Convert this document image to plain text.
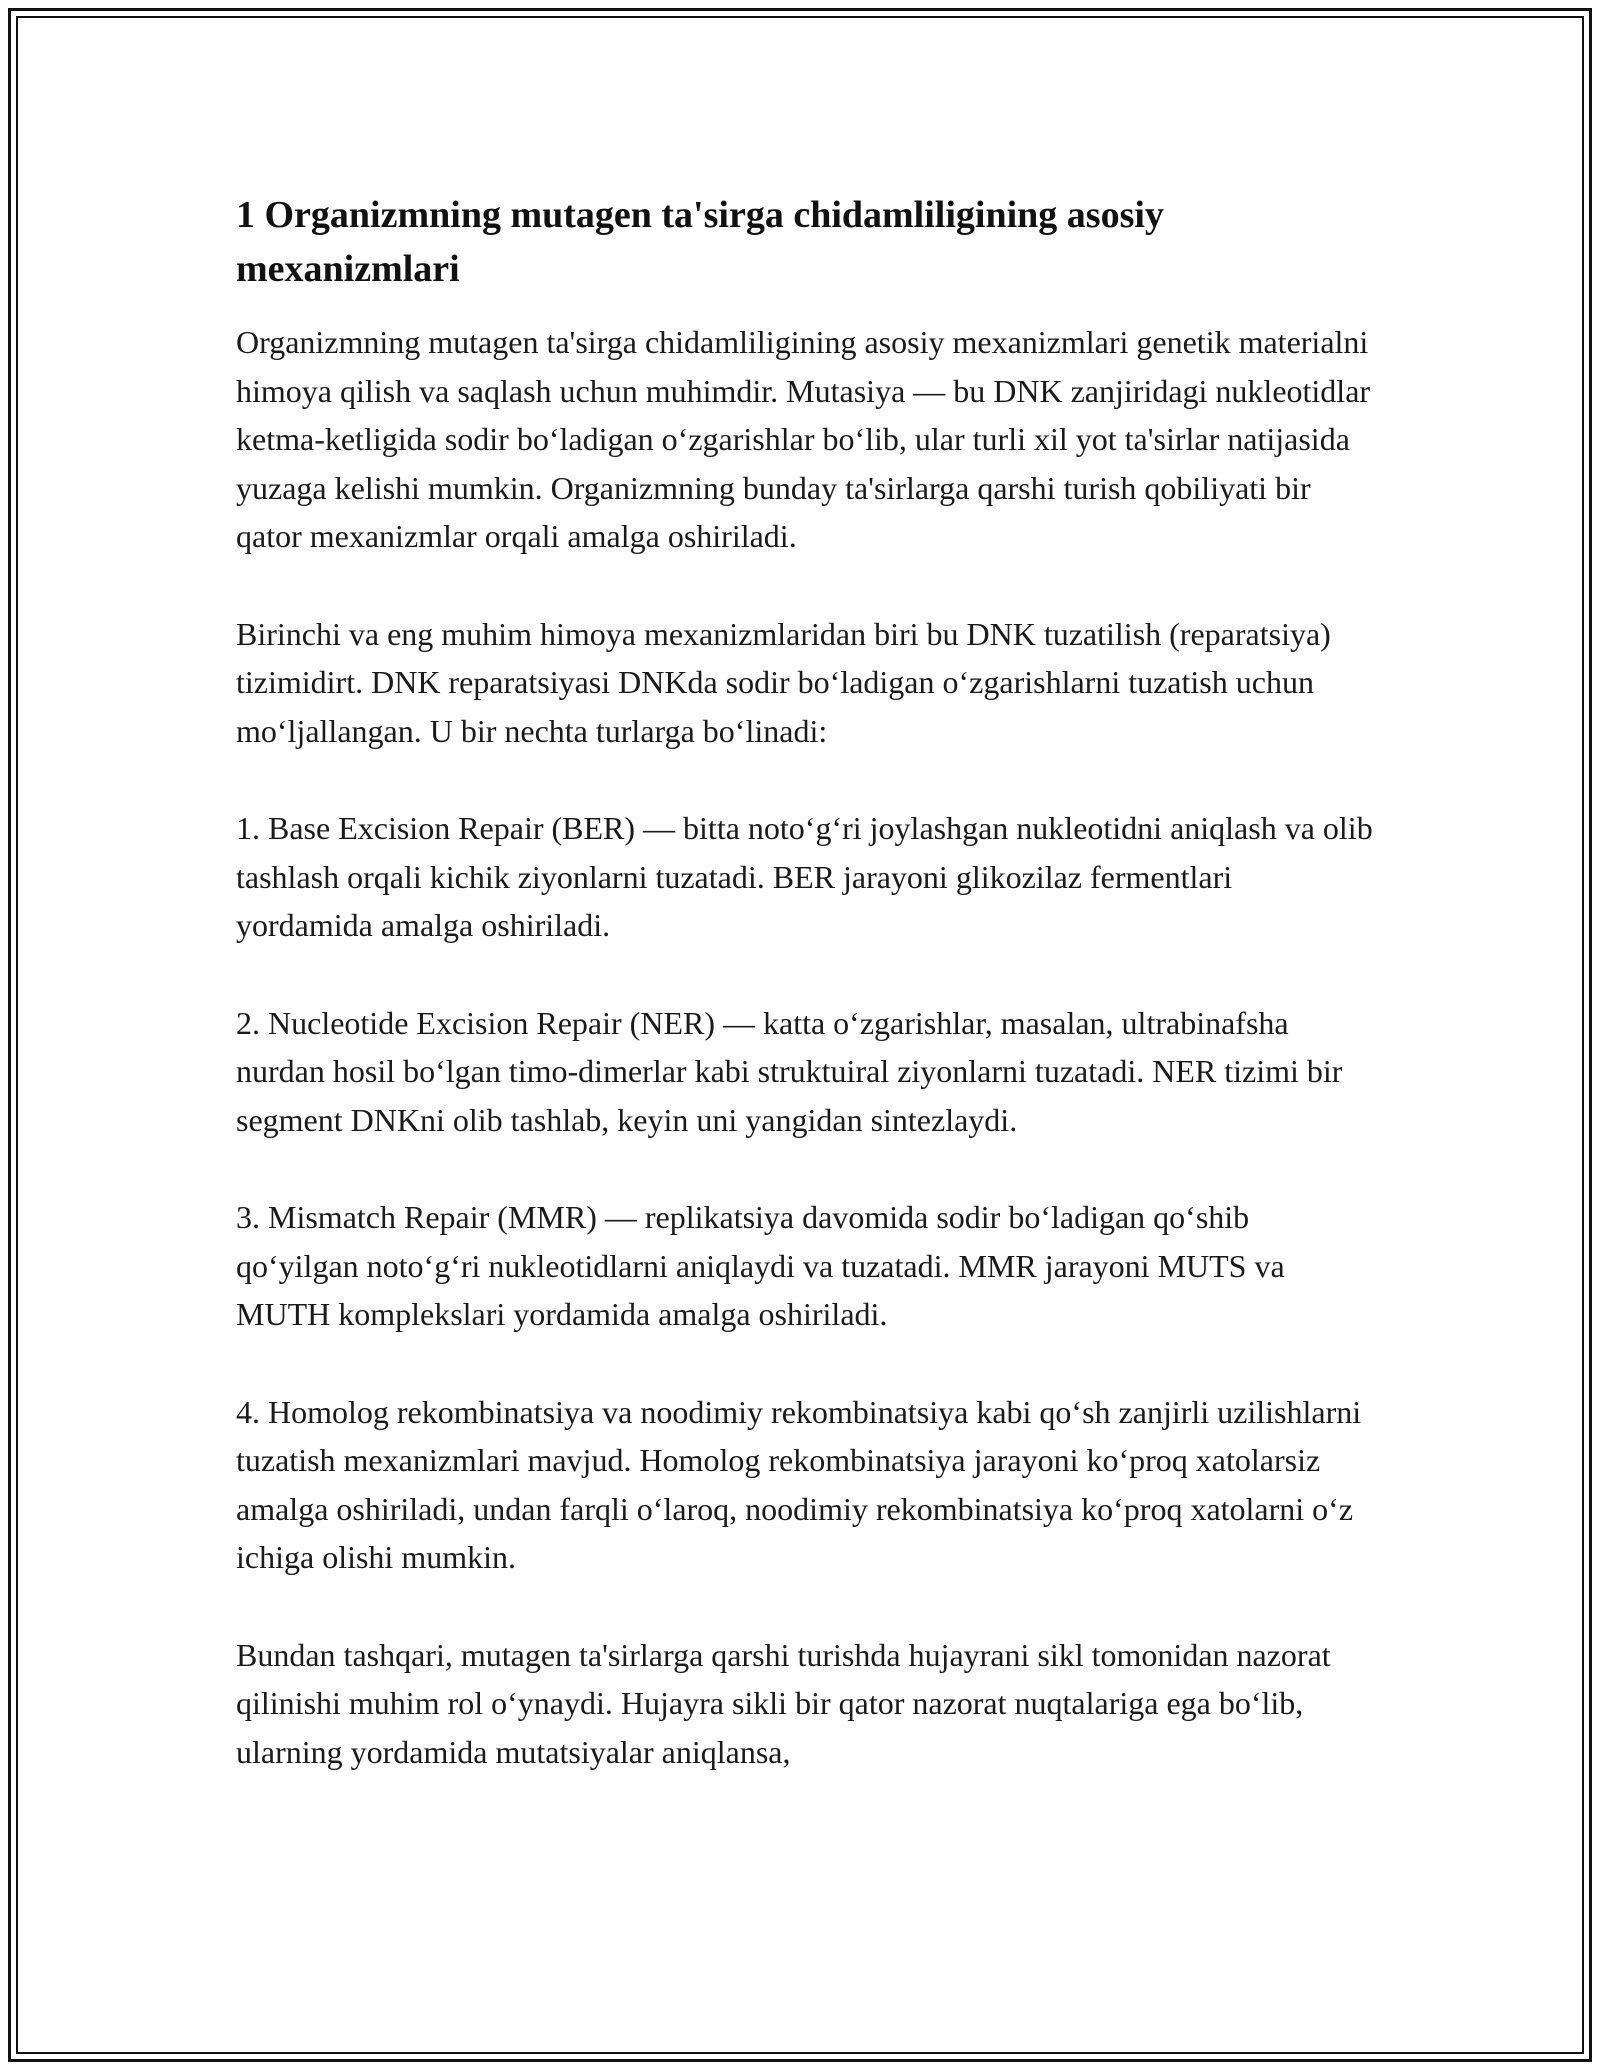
1 Organizmning mutagen ta'sirga chidamliligining asosiy mexanizmlari

Organizmning mutagen ta'sirga chidamliligining asosiy mexanizmlari genetik materialni himoya qilish va saqlash uchun muhimdir. Mutasiya — bu DNK zanjiridagi nukleotidlar ketma-ketligida sodir bo‘ladigan o‘zgarishlar bo‘lib, ular turli xil yot ta'sirlar natijasida yuzaga kelishi mumkin. Organizmning bunday ta'sirlarga qarshi turish qobiliyati bir qator mexanizmlar orqali amalga oshiriladi.

Birinchi va eng muhim himoya mexanizmlaridan biri bu DNK tuzatilish (reparatsiya) tizimidirt. DNK reparatsiyasi DNKda sodir bo‘ladigan o‘zgarishlarni tuzatish uchun mo‘ljallangan. U bir nechta turlarga bo‘linadi:

1. Base Excision Repair (BER) — bitta noto‘g‘ri joylashgan nukleotidni aniqlash va olib tashlash orqali kichik ziyonlarni tuzatadi. BER jarayoni glikozilaz fermentlari yordamida amalga oshiriladi.

2. Nucleotide Excision Repair (NER) — katta o‘zgarishlar, masalan, ultrabinafsha nurdan hosil bo‘lgan timo-dimerlar kabi struktuiral ziyonlarni tuzatadi. NER tizimi bir segment DNKni olib tashlab, keyin uni yangidan sintezlaydi.

3. Mismatch Repair (MMR) — replikatsiya davomida sodir bo‘ladigan qo‘shib qo‘yilgan noto‘g‘ri nukleotidlarni aniqlaydi va tuzatadi. MMR jarayoni MUTS va MUTH komplekslari yordamida amalga oshiriladi.

4. Homolog rekombinatsiya va noodimiy rekombinatsiya kabi qo‘sh zanjirli uzilishlarni tuzatish mexanizmlari mavjud. Homolog rekombinatsiya jarayoni ko‘proq xatolarsiz amalga oshiriladi, undan farqli o‘laroq, noodimiy rekombinatsiya ko‘proq xatolarni o‘z ichiga olishi mumkin.

Bundan tashqari, mutagen ta'sirlarga qarshi turishda hujayrani sikl tomonidan nazorat qilinishi muhim rol o‘ynaydi. Hujayra sikli bir qator nazorat nuqtalariga ega bo‘lib, ularning yordamida mutatsiyalar aniqlansa,
